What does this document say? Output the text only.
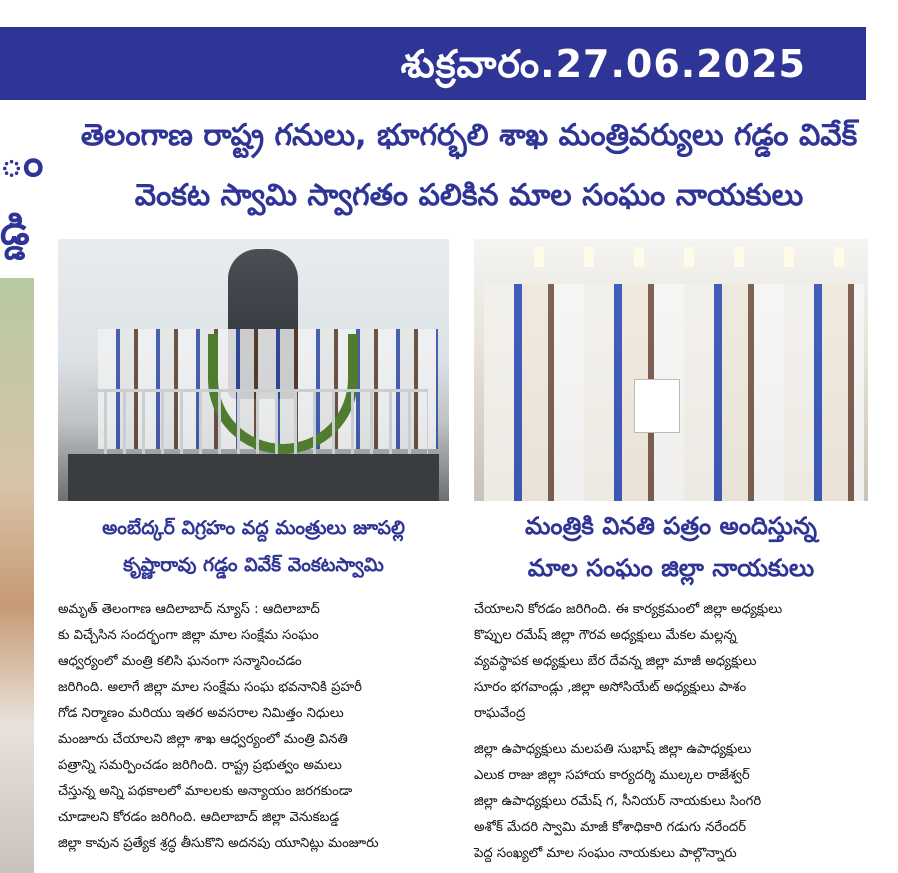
శుక్రవారం.27.06.2025
ం
డ్డి
తెలంగాణ రాష్ట్ర గనులు, భూగర్భలి శాఖ మంత్రివర్యులు గడ్డం వివేక్
వెంకట స్వామి స్వాగతం పలికిన మాల సంఘం నాయకులు
అంబేద్కర్ విగ్రహం వద్ద మంత్రులు జూపల్లి
కృష్ణారావు గడ్డం వివేక్ వెంకటస్వామి
మంత్రికి వినతి పత్రం అందిస్తున్న
మాల సంఘం జిల్లా నాయకులు
అమృత్ తెలంగాణ ఆదిలాబాద్ న్యూస్ : ఆదిలాబాద్
కు విచ్చేసిన సందర్భంగా జిల్లా మాల సంక్షేమ సంఘం
ఆధ్వర్యంలో మంత్రి కలిసి ఘనంగా సన్మానించడం
జరిగింది. అలాగే జిల్లా మాల సంక్షేమ సంఘ భవనానికి ప్రహరీ
గోడ నిర్మాణం మరియు ఇతర అవసరాల నిమిత్తం నిధులు
మంజూరు చేయాలని జిల్లా శాఖ ఆధ్వర్యంలో మంత్రి వినతి
పత్రాన్ని సమర్పించడం జరిగింది. రాష్ట్ర ప్రభుత్వం అమలు
చేస్తున్న అన్ని పథకాలలో మాలలకు అన్యాయం జరగకుండా
చూడాలని కోరడం జరిగింది. ఆదిలాబాద్ జిల్లా వెనుకబడ్డ
జిల్లా కావున ప్రత్యేక శ్రద్ధ తీసుకొని అదనపు యూనిట్లు మంజూరు
చేయాలని కోరడం జరిగింది. ఈ కార్యక్రమంలో జిల్లా అధ్యక్షులు
కొప్పుల రమేష్ జిల్లా గౌరవ అధ్యక్షులు మేకల మల్లన్న
వ్యవస్థాపక అధ్యక్షులు బేర దేవన్న జిల్లా మాజీ అధ్యక్షులు
సూరం భగవాండ్లు ,జిల్లా అసోసియేట్ అధ్యక్షులు పాశం
రాఘవేంద్ర
జిల్లా ఉపాధ్యక్షులు మలపతి సుభాష్ జిల్లా ఉపాధ్యక్షులు
ఎలుక రాజు జిల్లా సహాయ కార్యదర్శి ముల్కల రాజేశ్వర్
జిల్లా ఉపాధ్యక్షులు రమేష్ గ, సీనియర్ నాయకులు సింగరి
అశోక్ మేదరి స్వామి మాజీ కోశాధికారి గడుగు నరేందర్
పెద్ద సంఖ్యలో మాల సంఘం నాయకులు పాల్గొన్నారు
